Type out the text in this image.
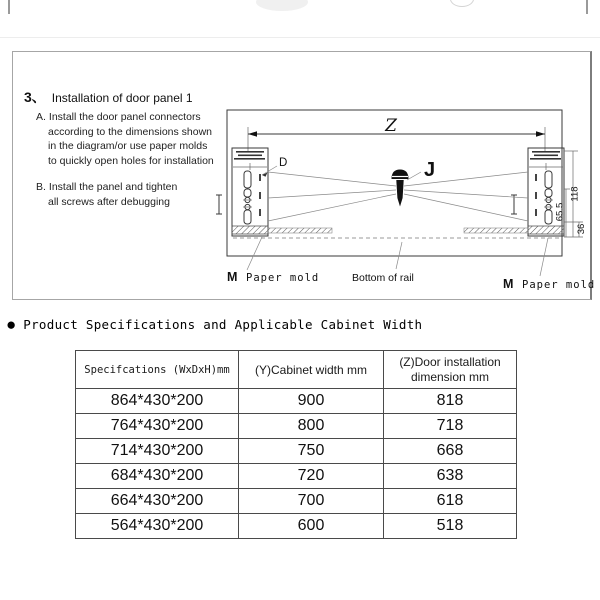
3、 Installation of door panel 1
A. Install the door panel connectors
according to the dimensions shown
in the diagram/or use paper molds
to quickly open holes for installation
B. Install the panel and tighten
all screws after debugging
Z
J
D
118
65.5
36
M Paper mold	Bottom of rail	M Paper mold
● Product Specifications and Applicable Cabinet Width
Specifcations (WxDxH)mm	(Y)Cabinet width mm	(Z)Door installation dimension mm
864*430*200	900	818
764*430*200	800	718
714*430*200	750	668
684*430*200	720	638
664*430*200	700	618
564*430*200	600	518
